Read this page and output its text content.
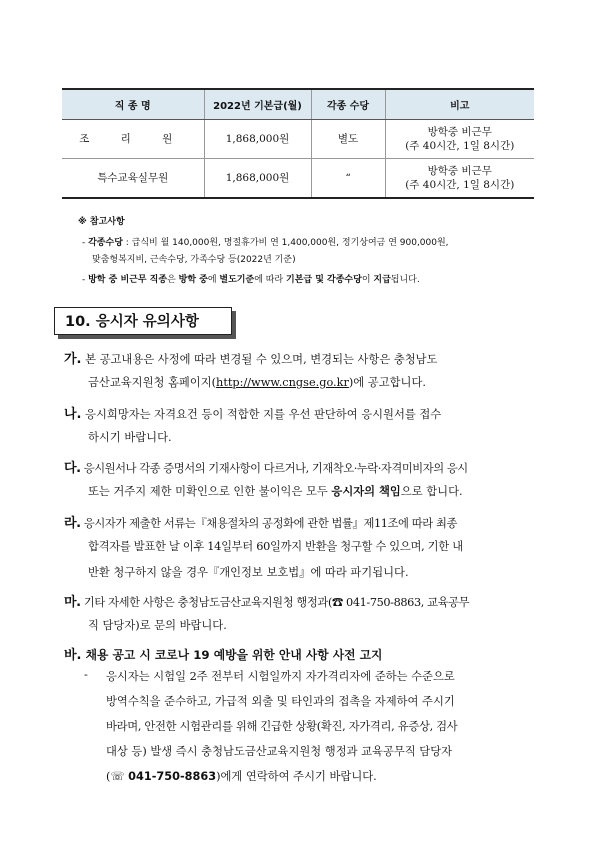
직 종 명	2022년 기본급(월)	각종 수당	비고
조 리 원	1,868,000원	별도	방학중 비근무
(주 40시간, 1일 8시간)

특수교육실무원	1,868,000원	“	방학중 비근무
(주 40시간, 1일 8시간)
※ 참고사항
- 각종수당 : 급식비 월 140,000원, 명절휴가비 연 1,400,000원, 정기상여금 연 900,000원,
맞춤형복지비, 근속수당, 가족수당 등(2022년 기준)
- 방학 중 비근무 직종은 방학 중에 별도기준에 따라 기본급 및 각종수당이 지급됩니다.
10. 응시자 유의사항
가. 본 공고내용은 사정에 따라 변경될 수 있으며, 변경되는 사항은 충청남도
금산교육지원청 홈페이지(http://www.cngse.go.kr)에 공고합니다.
나. 응시희망자는 자격요건 등이 적합한 지를 우선 판단하여 응시원서를 접수
하시기 바랍니다.
다. 응시원서나 각종 증명서의 기재사항이 다르거나, 기재착오·누락·자격미비자의 응시
또는 거주지 제한 미확인으로 인한 불이익은 모두 응시자의 책임으로 합니다.
라. 응시자가 제출한 서류는『채용절차의 공정화에 관한 법률』제11조에 따라 최종
합격자를 발표한 날 이후 14일부터 60일까지 반환을 청구할 수 있으며, 기한 내
반환 청구하지 않을 경우『개인정보 보호법』에 따라 파기됩니다.
마. 기타 자세한 사항은 충청남도금산교육지원청 행정과(☎ 041-750-8863, 교육공무
직 담당자)로 문의 바랍니다.
바. 채용 공고 시 코로나 19 예방을 위한 안내 사항 사전 고지
- 응시자는 시험일 2주 전부터 시험일까지 자가격리자에 준하는 수준으로
방역수칙을 준수하고, 가급적 외출 및 타인과의 접촉을 자제하여 주시기
바라며, 안전한 시험관리를 위해 긴급한 상황(확진, 자가격리, 유증상, 검사
대상 등) 발생 즉시 충청남도금산교육지원청 행정과 교육공무직 담당자
(☏ 041-750-8863)에게 연락하여 주시기 바랍니다.
